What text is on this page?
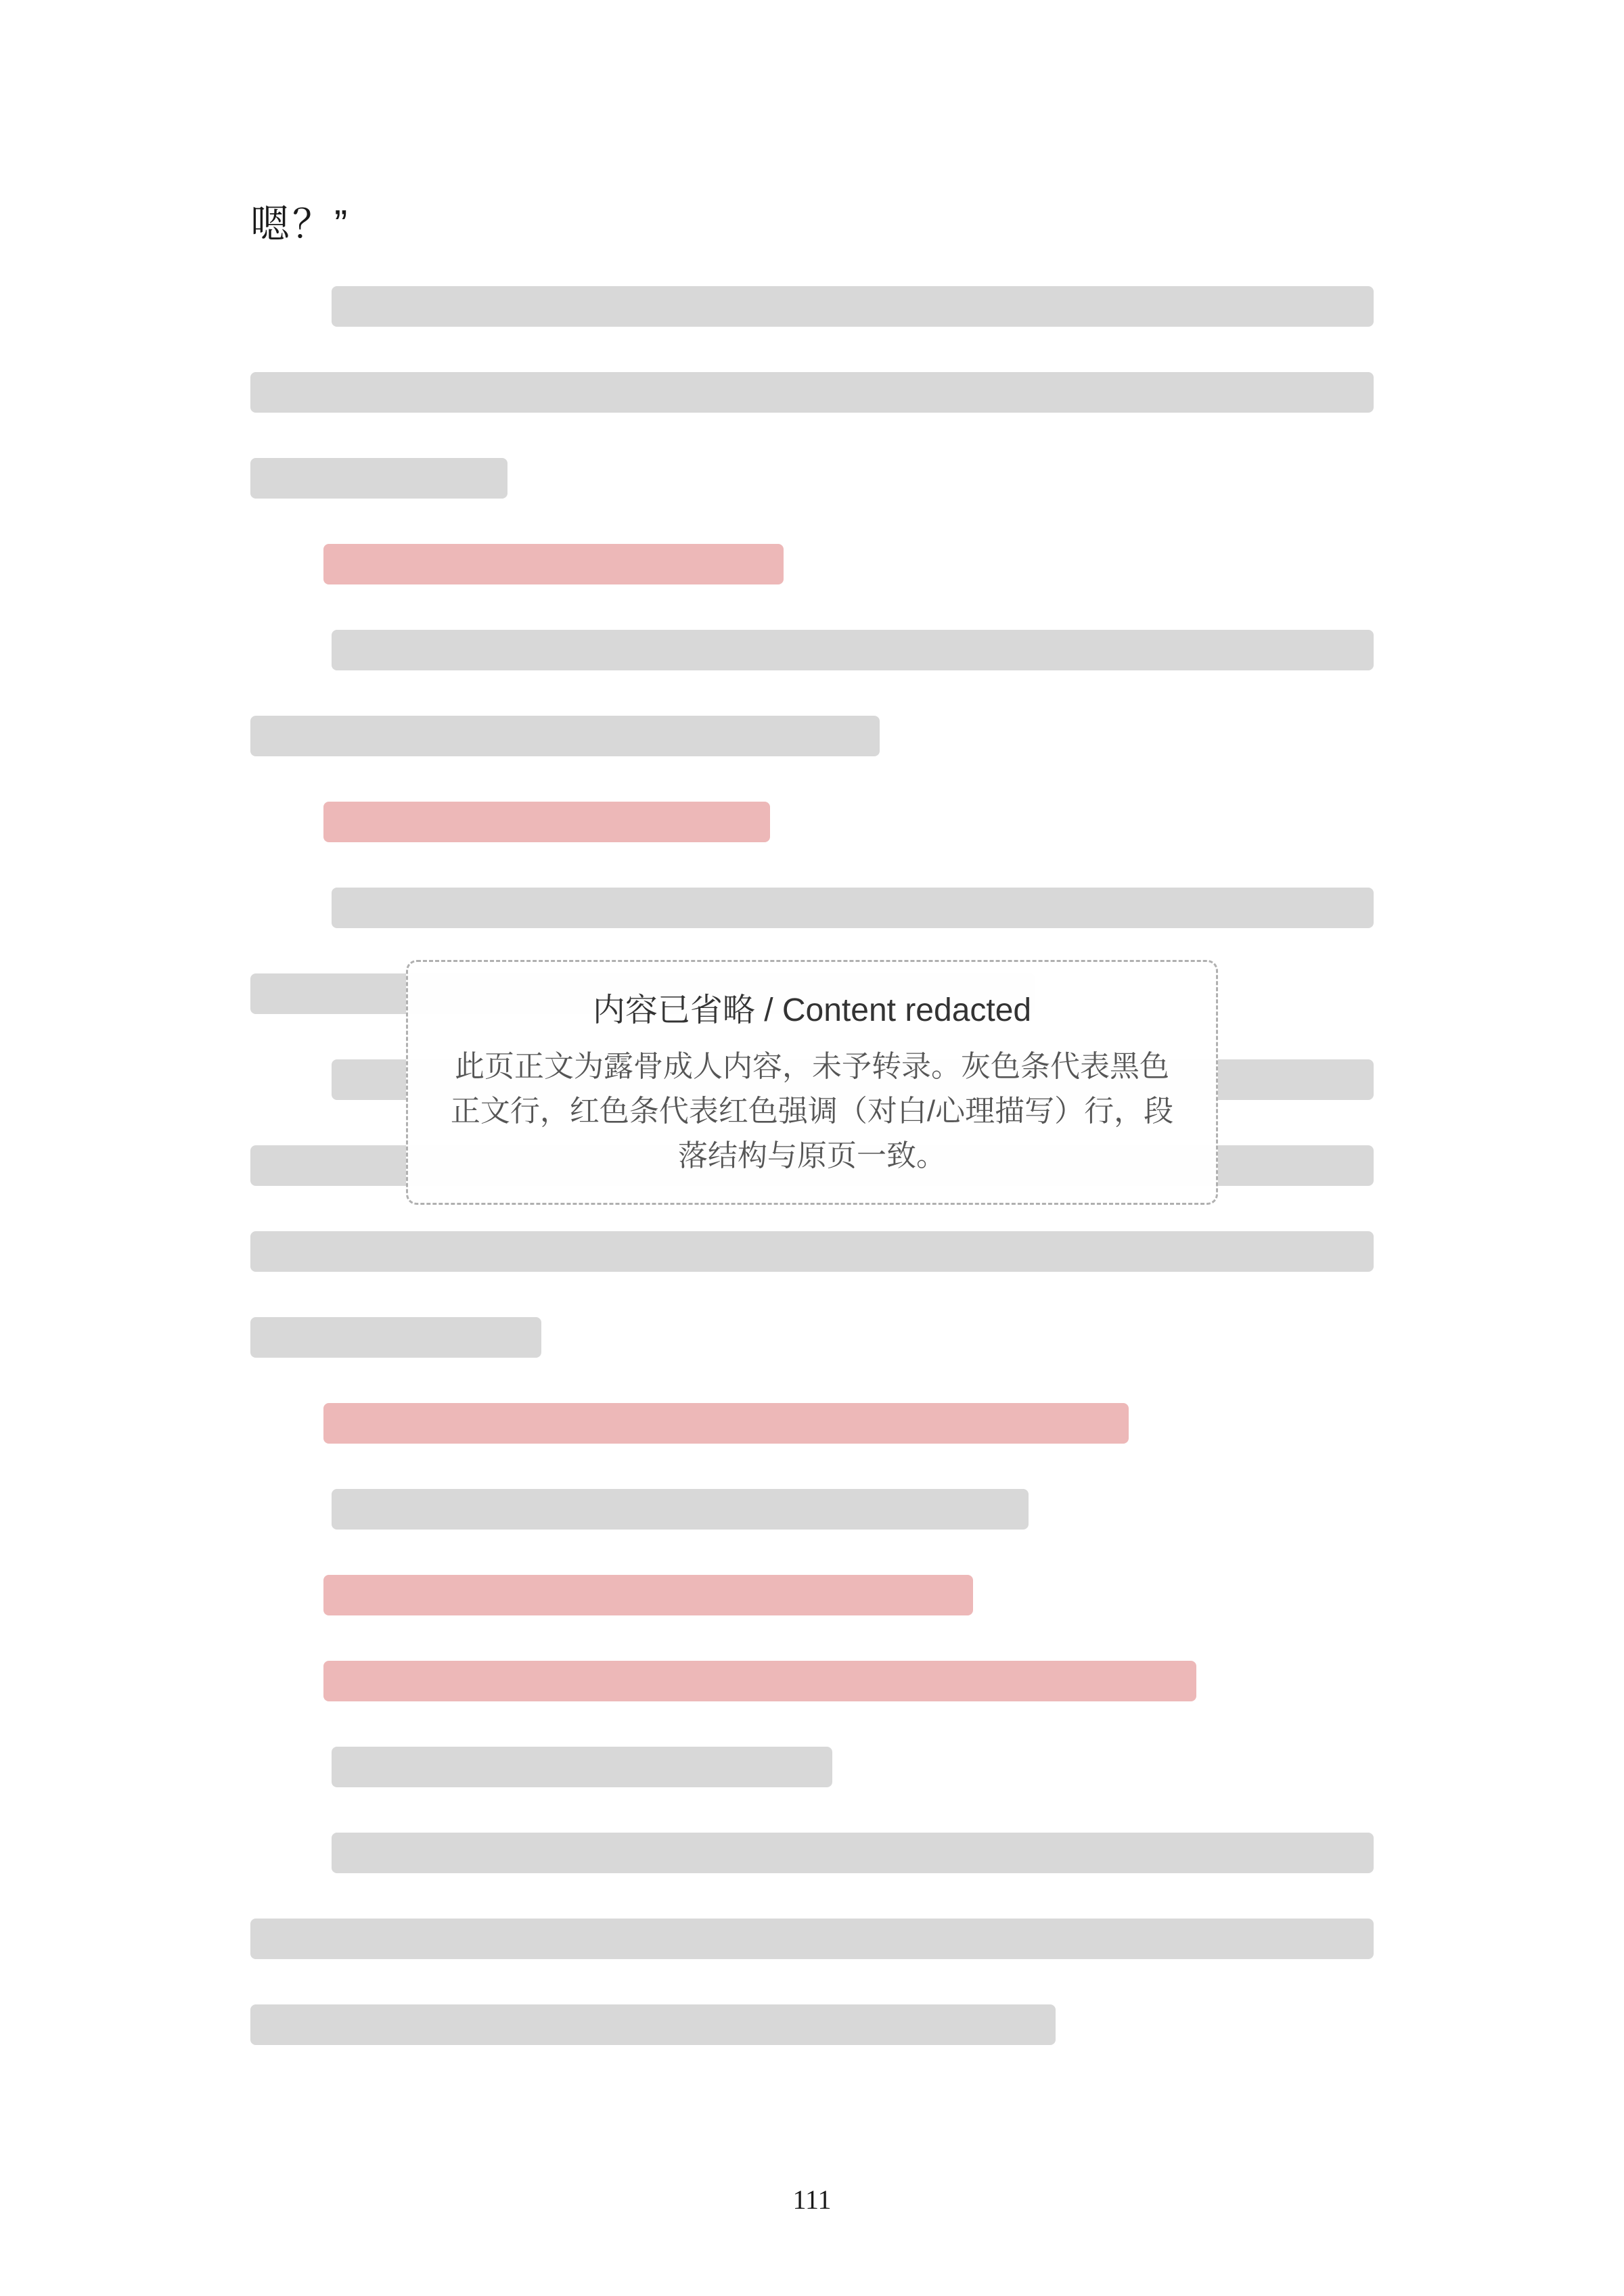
嗯？”
内容已省略 / Content redacted
此页正文为露骨成人内容，未予转录。灰色条代表黑色正文行，红色条代表红色强调（对白/心理描写）行，段落结构与原页一致。
111
